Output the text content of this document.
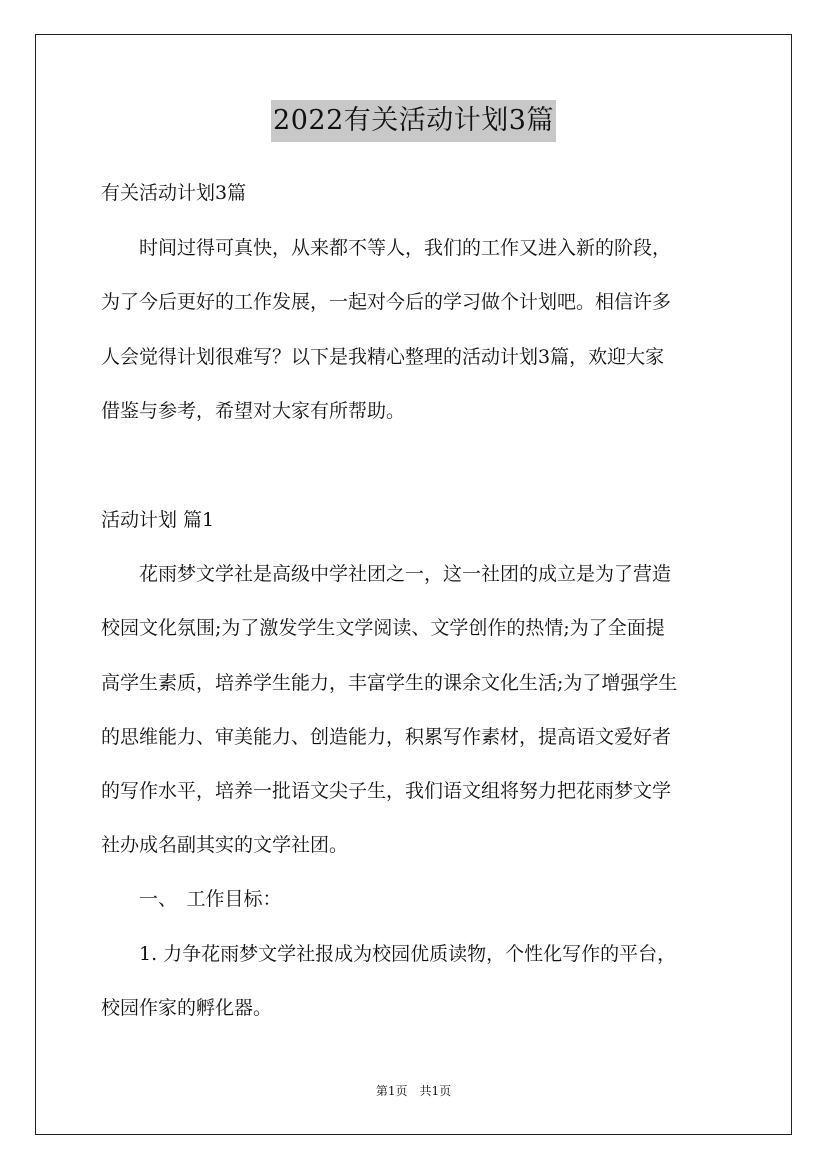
2022有关活动计划3篇
有关活动计划3篇
　　时间过得可真快，从来都不等人，我们的工作又进入新的阶段，
为了今后更好的工作发展，一起对今后的学习做个计划吧。相信许多
人会觉得计划很难写？以下是我精心整理的活动计划3篇，欢迎大家
借鉴与参考，希望对大家有所帮助。
活动计划 篇1
　　花雨梦文学社是高级中学社团之一，这一社团的成立是为了营造
校园文化氛围;为了激发学生文学阅读、文学创作的热情;为了全面提
高学生素质，培养学生能力，丰富学生的课余文化生活;为了增强学生
的思维能力、审美能力、创造能力，积累写作素材，提高语文爱好者
的写作水平，培养一批语文尖子生，我们语文组将努力把花雨梦文学
社办成名副其实的文学社团。
　　一、　工作目标：
　　1. 力争花雨梦文学社报成为校园优质读物，个性化写作的平台，
校园作家的孵化器。
第1页　共1页
